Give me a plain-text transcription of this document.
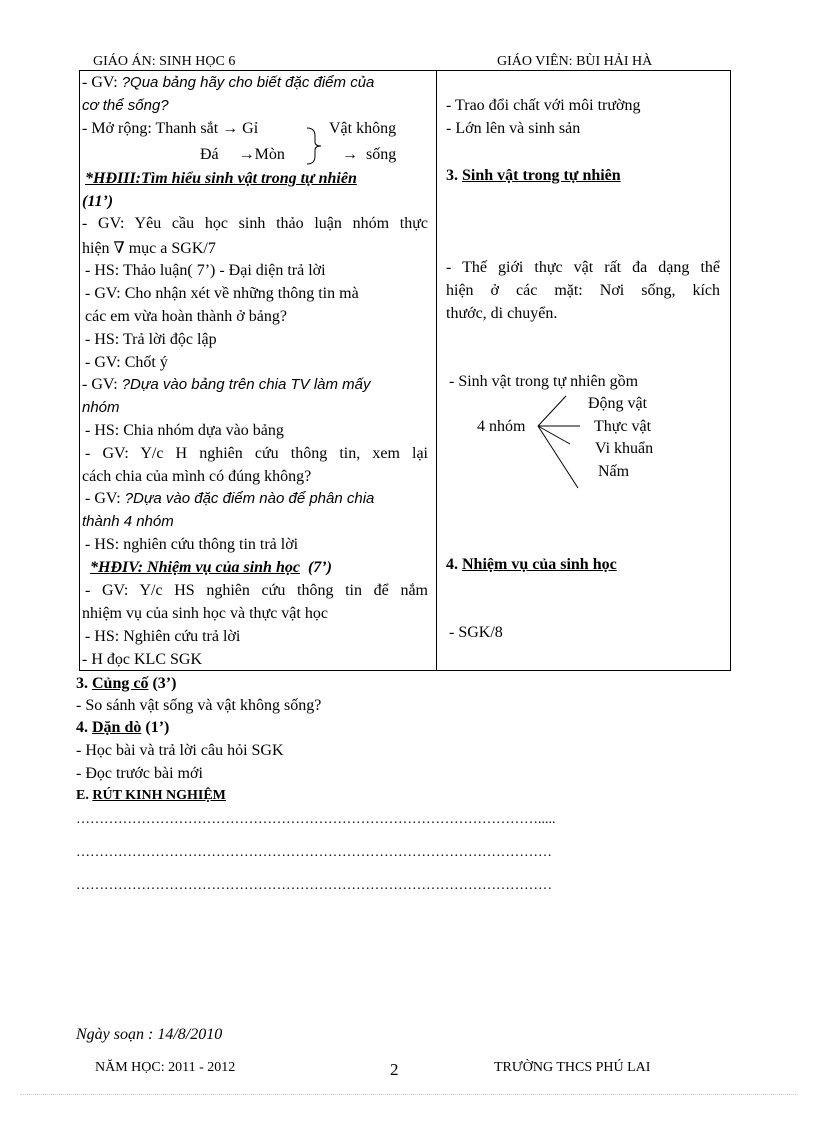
GIÁO ÁN: SINH HỌC 6	GIÁO VIÊN: BÙI HẢI HÀ
- GV: ?Qua bảng hãy cho biết đặc điểm của
cơ thể sống?
- Mở rộng: Thanh sắt → Gỉ	Vật không
Đá →Mòn	→ sống
*HĐIII:Tìm hiểu sinh vật trong tự nhiên
(11’)
- GV: Yêu cầu học sinh thảo luận nhóm thực
hiện ∇ mục a SGK/7
- HS: Thảo luận( 7’) - Đại diện trả lời
- GV: Cho nhận xét về những thông tin mà
các em vừa hoàn thành ở bảng?
- HS: Trả lời độc lập
- GV: Chốt ý
- GV: ?Dựa vào bảng trên chia TV làm mấy
nhóm
- HS: Chia nhóm dựa vào bảng
- GV: Y/c H nghiên cứu thông tin, xem lại
cách chia của mình có đúng không?
- GV: ?Dựa vào đặc điểm nào để phân chia
thành 4 nhóm
- HS: nghiên cứu thông tin trả lời
*HĐIV: Nhiệm vụ của sinh học (7’)
- GV: Y/c HS nghiên cứu thông tin để nắm
nhiệm vụ của sinh học và thực vật học
- HS: Nghiên cứu trả lời
- H đọc KLC SGK
- Trao đổi chất với môi trường
- Lớn lên và sinh sản
3. Sinh vật trong tự nhiên
- Thế giới thực vật rất đa dạng thể
hiện ở các mặt: Nơi sống, kích
thước, di chuyển.
- Sinh vật trong tự nhiên gồm
4 nhóm
Động vật
Thực vật
Vi khuẩn
Nấm
4. Nhiệm vụ của sinh học
- SGK/8
3. Củng cố (3’)
- So sánh vật sống và vật không sống?
4. Dặn dò (1’)
- Học bài và trả lời câu hỏi SGK
- Đọc trước bài mới
E. RÚT KINH NGHIỆM
……………………………………………………………………………………….....
…………………………………………………………………………………………
…………………………………………………………………………………………
Ngày soạn : 14/8/2010
NĂM HỌC: 2011 - 2012	2	TRƯỜNG THCS PHÚ LAI
